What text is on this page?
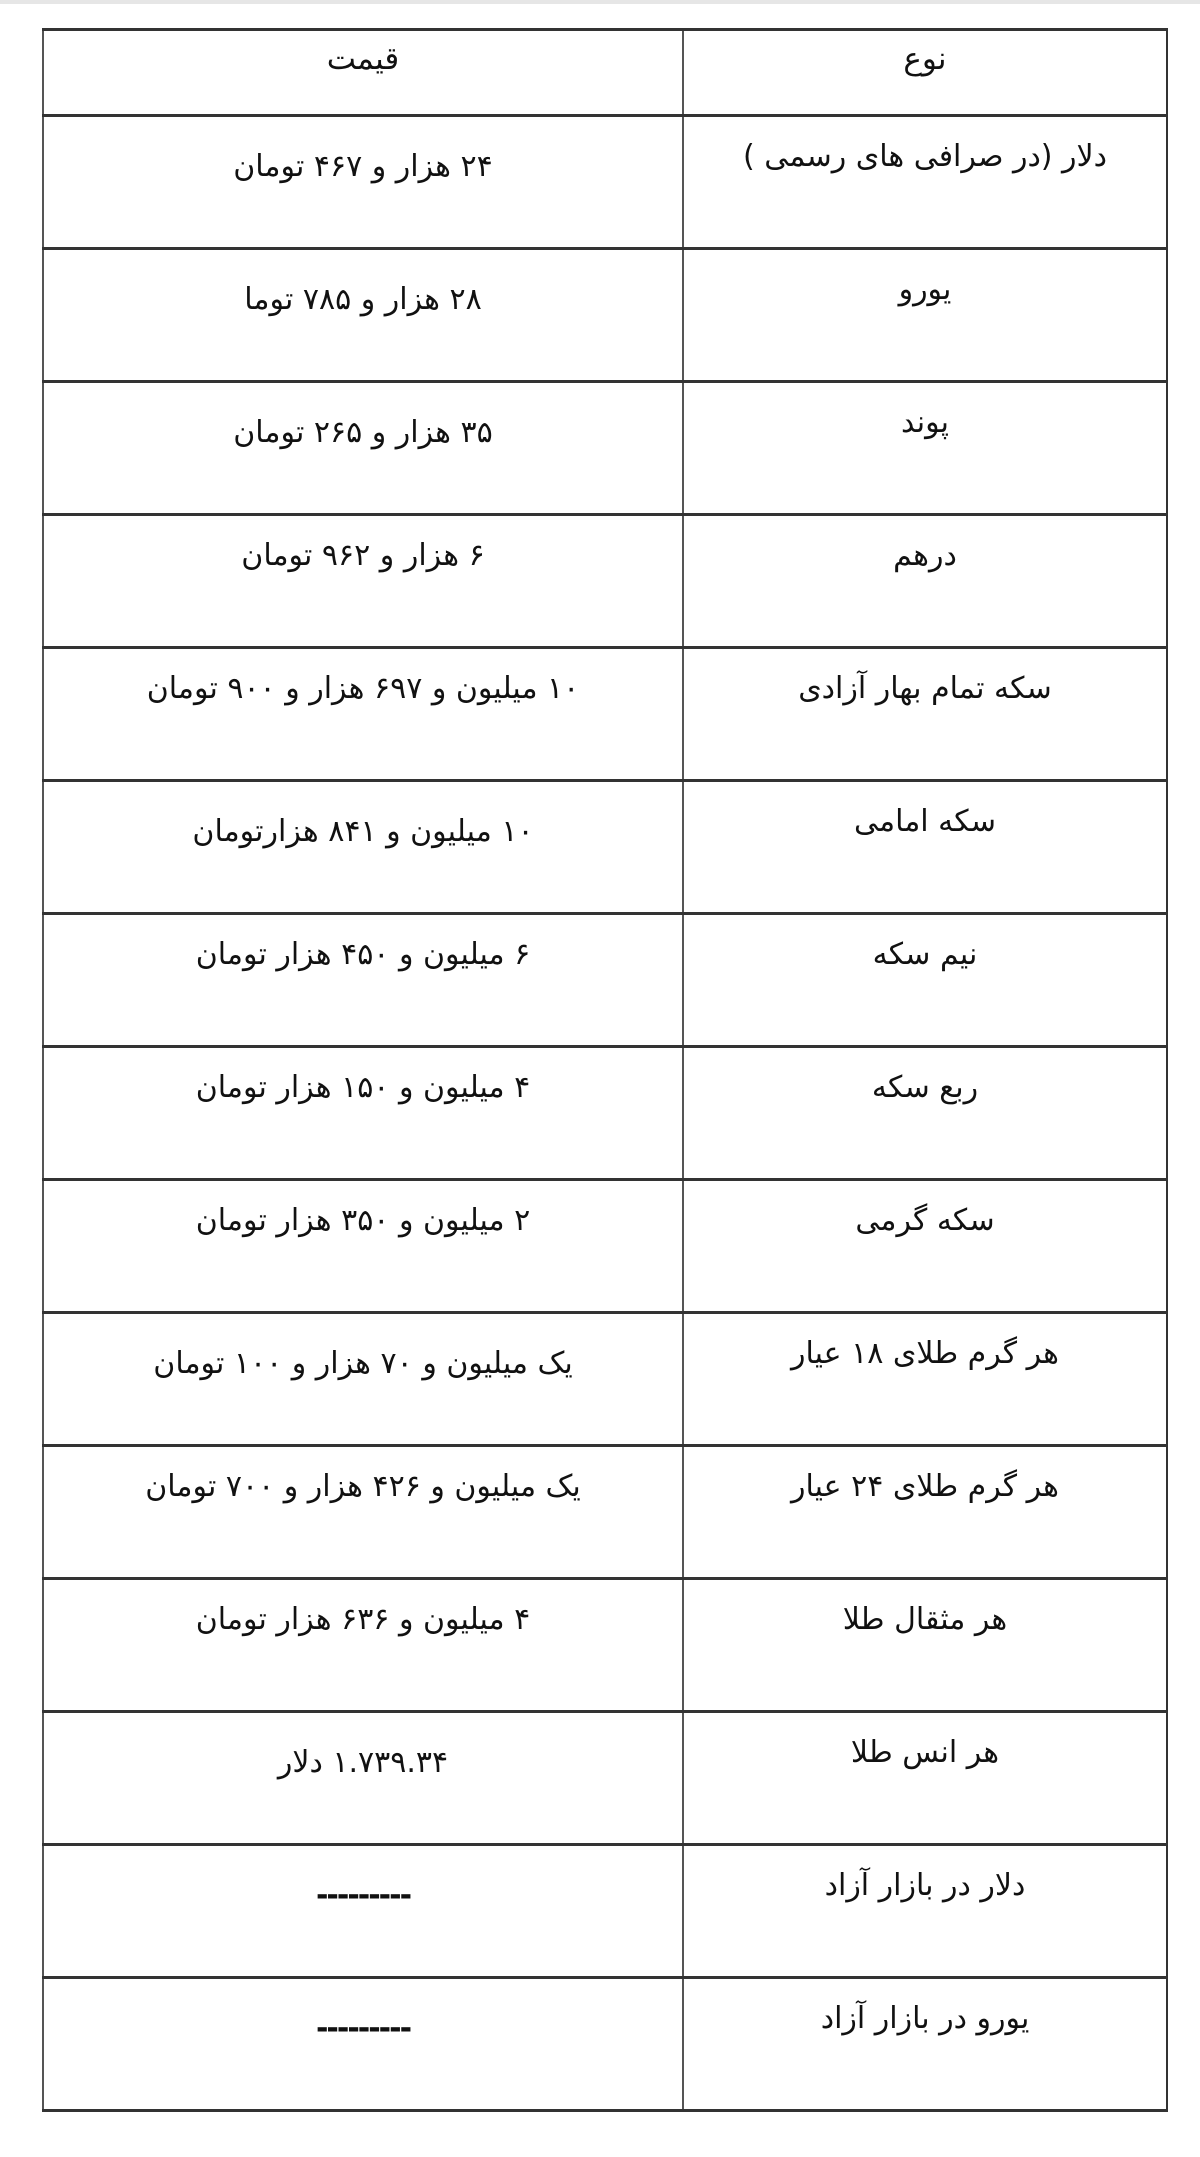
نوع	قیمت

دلار (در صرافی های رسمی )	۲۴ هزار و ۴۶۷ تومان

یورو	۲۸ هزار و ۷۸۵ توما

پوند	۳۵ هزار و ۲۶۵ تومان

درهم	۶ هزار و ۹۶۲ تومان

سکه تمام بهار آزادی	۱۰ میلیون و ۶۹۷ هزار و ۹۰۰ تومان

سکه امامی	۱۰ میلیون و ۸۴۱ هزارتومان

نیم سکه	۶ میلیون و ۴۵۰ هزار تومان

ربع سکه	۴ میلیون و ۱۵۰ هزار تومان

سکه گرمی	۲ میلیون و ۳۵۰ هزار تومان

هر گرم طلای ۱۸ عیار	یک میلیون و ۷۰ هزار و ۱۰۰ تومان

هر گرم طلای ۲۴ عیار	یک میلیون و ۴۲۶ هزار و ۷۰۰ تومان

هر مثقال طلا	۴ میلیون و ۶۳۶ هزار تومان

هر انس طلا	۱.۷۳۹.۳۴ دلار

دلار در بازار آزاد	---------

یورو در بازار آزاد	---------
